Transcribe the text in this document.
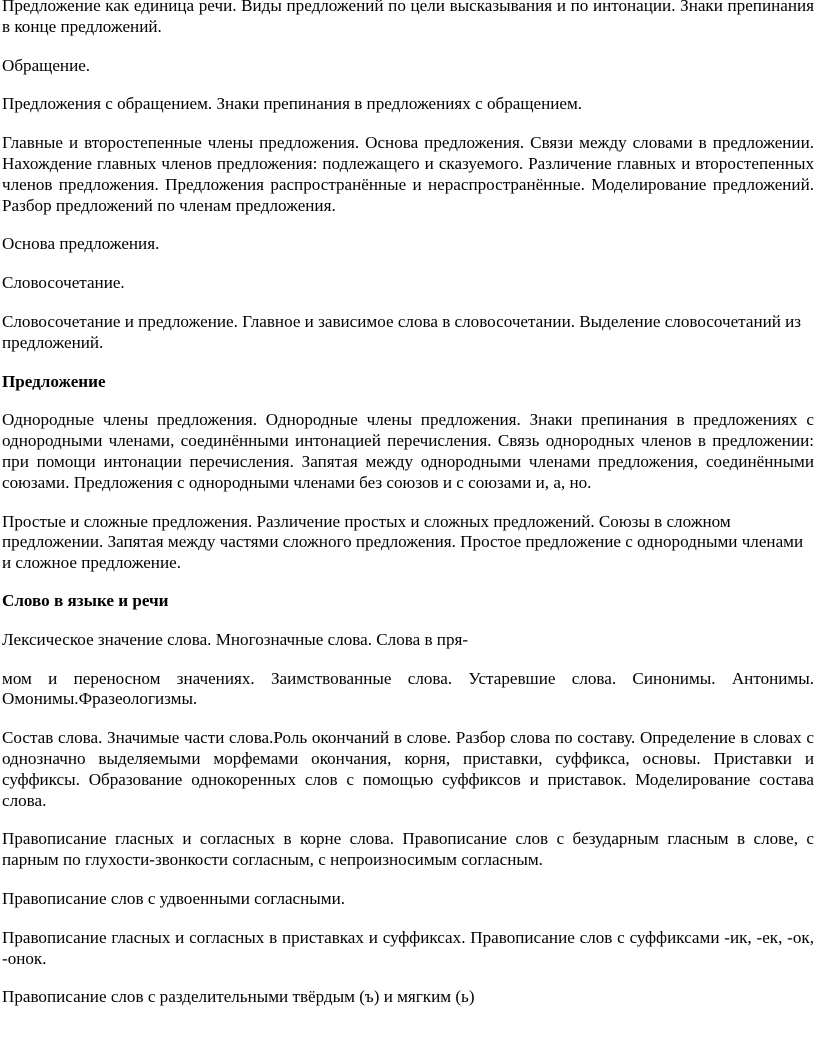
Предложение как единица речи. Виды предложений по цели высказывания и по интонации. Знаки препинания в конце предложений.

Обращение.

Предложения с обращением. Знаки препинания в предложениях с обращением.

Главные и второстепенные члены предложения. Основа предложения. Связи между словами в предложении. Нахождение главных членов предложения: подлежащего и сказуемого. Различение главных и второстепенных членов предложения. Предложения распространённые и нераспространённые. Моделирование предложений. Разбор предложений по членам предложения.

Основа предложения.

Словосочетание.

Словосочетание и предложение. Главное и зависимое слова в словосочетании. Выделение словосочетаний из предложений.

Предложение

Однородные члены предложения. Однородные члены предложения. Знаки препинания в предложениях с однородными членами, соединёнными интонацией перечисления. Связь однородных членов в предложении: при помощи интонации перечисления. Запятая между однородными членами предложения, соединёнными союзами. Предложения с однородными членами без союзов и с союзами и, а, но.

Простые и сложные предложения. Различение простых и сложных предложений. Союзы в сложном предложении. Запятая между частями сложного предложения. Простое предложение с однородными членами и сложное предложение.

Слово в языке и речи

Лексическое значение слова. Многозначные слова. Слова в пря-

мом и переносном значениях. Заимствованные слова. Устаревшие слова. Синонимы. Антонимы. Омонимы.Фразеологизмы.

Состав слова. Значимые части слова.Роль окончаний в слове. Разбор слова по составу. Определение в словах с однозначно выделяемыми морфемами окончания, корня, приставки, суффикса, основы. Приставки и суффиксы. Образование однокоренных слов с помощью суффиксов и приставок. Моделирование состава слова.

Правописание гласных и согласных в корне слова. Правописание слов с безударным гласным в слове, с парным по глухости-звонкости согласным, с непроизносимым согласным.

Правописание слов с удвоенными согласными.

Правописание гласных и согласных в приставках и суффиксах. Правописание слов с суффиксами -ик, -ек, -ок, -онок.

Правописание слов с разделительными твёрдым (ъ) и мягким (ь)
